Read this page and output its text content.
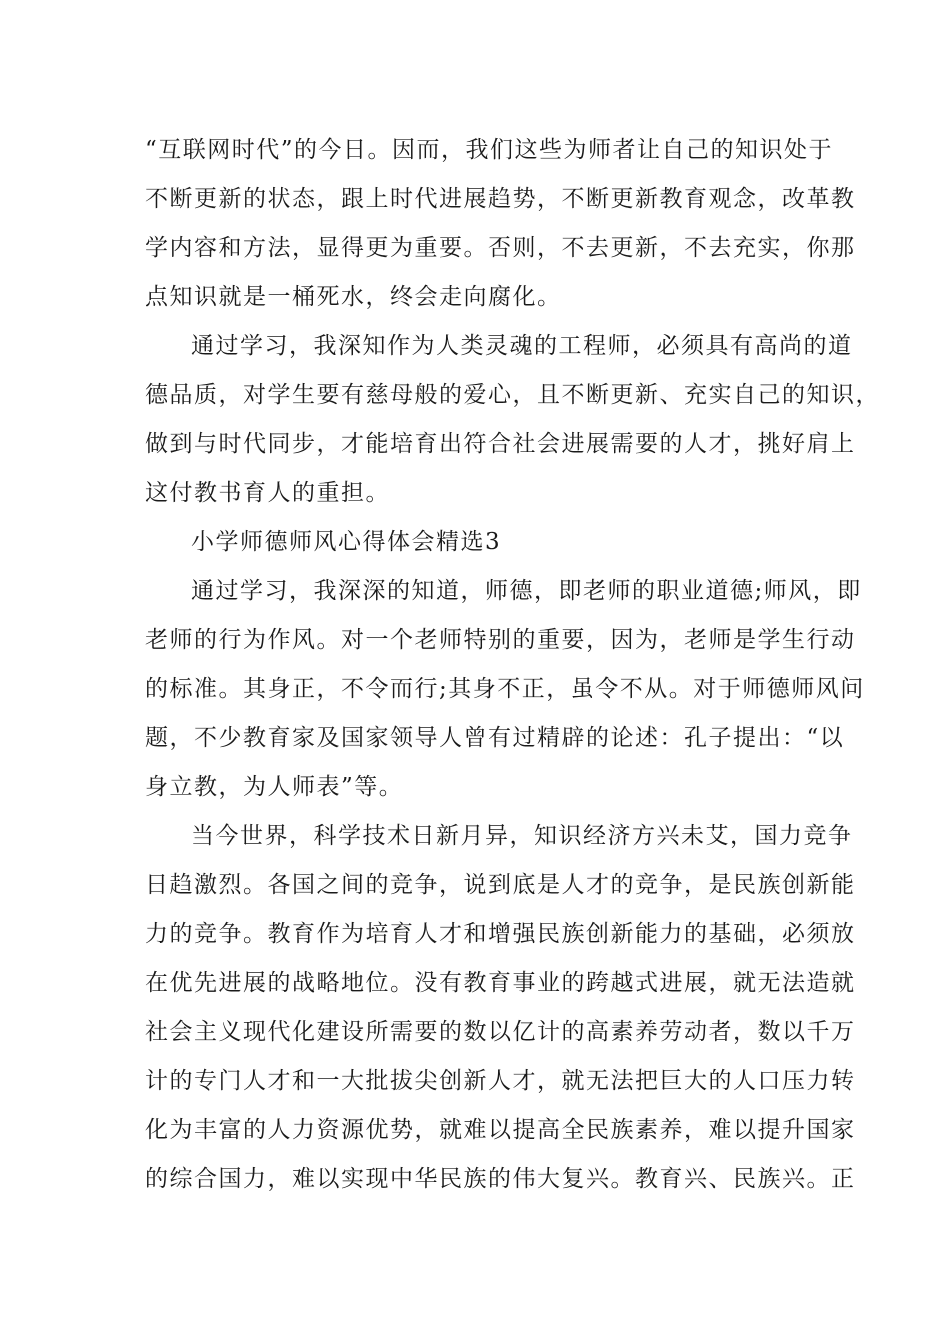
“互联网时代”的今日。因而，我们这些为师者让自己的知识处于
不断更新的状态，跟上时代进展趋势，不断更新教育观念，改革教
学内容和方法，显得更为重要。否则，不去更新，不去充实，你那
点知识就是一桶死水，终会走向腐化。
通过学习，我深知作为人类灵魂的工程师，必须具有高尚的道
德品质，对学生要有慈母般的爱心，且不断更新、充实自己的知识，
做到与时代同步，才能培育出符合社会进展需要的人才，挑好肩上
这付教书育人的重担。
小学师德师风心得体会精选3
通过学习，我深深的知道，师德，即老师的职业道德;师风，即
老师的行为作风。对一个老师特别的重要，因为，老师是学生行动
的标准。其身正，不令而行;其身不正，虽令不从。对于师德师风问
题，不少教育家及国家领导人曾有过精辟的论述：孔子提出：“以
身立教，为人师表”等。
当今世界，科学技术日新月异，知识经济方兴未艾，国力竞争
日趋激烈。各国之间的竞争，说到底是人才的竞争，是民族创新能
力的竞争。教育作为培育人才和增强民族创新能力的基础，必须放
在优先进展的战略地位。没有教育事业的跨越式进展，就无法造就
社会主义现代化建设所需要的数以亿计的高素养劳动者，数以千万
计的专门人才和一大批拔尖创新人才，就无法把巨大的人口压力转
化为丰富的人力资源优势，就难以提高全民族素养，难以提升国家
的综合国力，难以实现中华民族的伟大复兴。教育兴、民族兴。正
